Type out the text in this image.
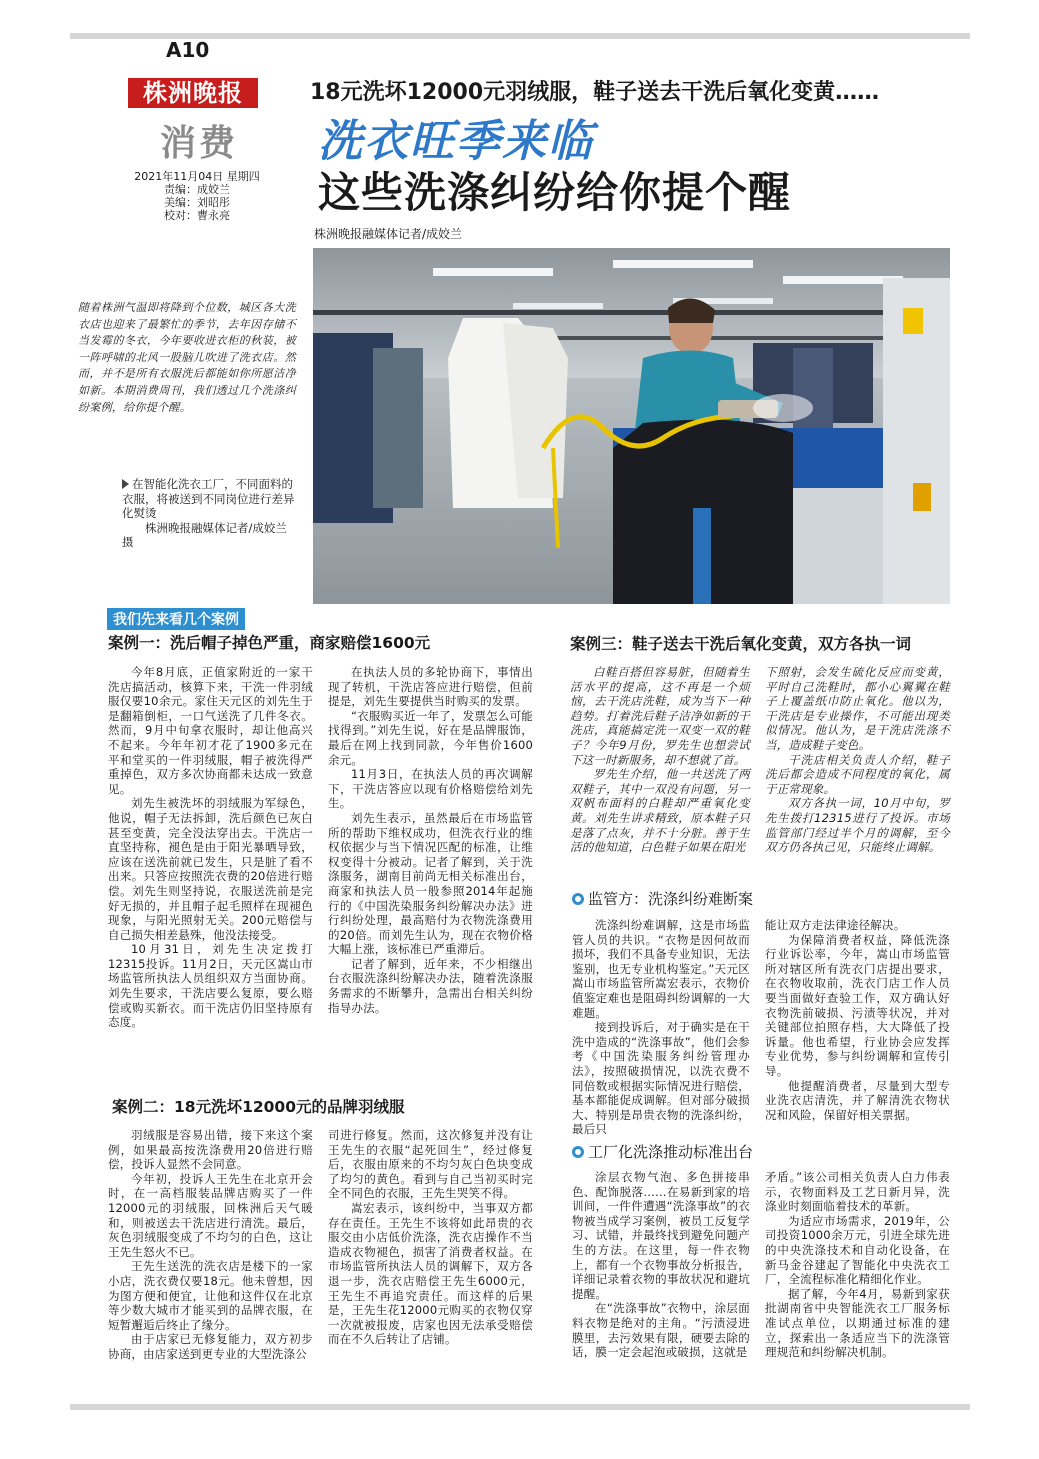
A10
株洲晚报
消费
2021年11月04日 星期四
责编：成姣兰
美编：刘昭彤
校对：曹永亮
18元洗坏12000元羽绒服，鞋子送去干洗后氧化变黄……
洗衣旺季来临
这些洗涤纠纷给你提个醒
株洲晚报融媒体记者/成姣兰
随着株洲气温即将降到个位数，城区各大洗衣店也迎来了最繁忙的季节，去年因存储不当发霉的冬衣，今年要收进衣柜的秋装，被一阵呼啸的北风一股脑儿吹进了洗衣店。然而，并不是所有衣服洗后都能如你所愿洁净如新。本期消费周刊，我们透过几个洗涤纠纷案例，给你提个醒。
在智能化洗衣工厂，不同面料的衣服，将被送到不同岗位进行差异化熨烫
株洲晚报融媒体记者/成姣兰 摄
我们先来看几个案例
案例一：洗后帽子掉色严重，商家赔偿1600元

今年8月底，正值家附近的一家干洗店搞活动，核算下来，干洗一件羽绒服仅要10余元。家住天元区的刘先生于是翻箱倒柜，一口气送洗了几件冬衣。然而，9月中旬拿衣服时，却让他高兴不起来。今年年初才花了1900多元在平和堂买的一件羽绒服，帽子被洗得严重掉色，双方多次协商都未达成一致意见。

刘先生被洗坏的羽绒服为军绿色，他说，帽子无法拆卸，洗后颜色已灰白甚至变黄，完全没法穿出去。干洗店一直坚持称，褪色是由于阳光暴晒导致，应该在送洗前就已发生，只是脏了看不出来。只答应按照洗衣费的20倍进行赔偿。刘先生则坚持说，衣服送洗前是完好无损的，并且帽子起毛照样在现褪色现象，与阳光照射无关。200元赔偿与自己损失相差悬殊，他没法接受。

10月31日，刘先生决定拨打12315投诉。11月2日，天元区嵩山市场监管所执法人员组织双方当面协商。刘先生要求，干洗店要么复原，要么赔偿或购买新衣。而干洗店仍旧坚持原有态度。

在执法人员的多轮协商下，事情出现了转机，干洗店答应进行赔偿，但前提是，刘先生要提供当时购买的发票。

“衣服购买近一年了，发票怎么可能找得到。”刘先生说，好在是品牌服饰，最后在网上找到同款，今年售价1600余元。

11月3日，在执法人员的再次调解下，干洗店答应以现有价格赔偿给刘先生。

刘先生表示，虽然最后在市场监管所的帮助下维权成功，但洗衣行业的维权依据少与当下情况匹配的标准，让维权变得十分被动。记者了解到，关于洗涤服务，湖南目前尚无相关标准出台，商家和执法人员一般参照2014年起施行的《中国洗染服务纠纷解决办法》进行纠纷处理，最高赔付为衣物洗涤费用的20倍。而刘先生认为，现在衣物价格大幅上涨，该标准已严重滞后。

记者了解到，近年来，不少相继出台衣服洗涤纠纷解决办法，随着洗涤服务需求的不断攀升，急需出台相关纠纷指导办法。

案例二：18元洗坏12000元的品牌羽绒服

羽绒服是容易出错，接下来这个案例，如果最高按洗涤费用20倍进行赔偿，投诉人显然不会同意。

今年初，投诉人王先生在北京开会时，在一高档服装品牌店购买了一件12000元的羽绒服，回株洲后天气暖和，则被送去干洗店进行清洗。最后，灰色羽绒服变成了不均匀的白色，这让王先生怒火不已。

王先生送洗的洗衣店是楼下的一家小店，洗衣费仅要18元。他未曾想，因为图方便和便宜，让他和这件仅在北京等少数大城市才能买到的品牌衣服，在短暂邂逅后终止了缘分。

由于店家已无修复能力，双方初步协商，由店家送到更专业的大型洗涤公

司进行修复。然而，这次修复并没有让王先生的衣服“起死回生”，经过修复后，衣服由原来的不均匀灰白色块变成了均匀的黄色。看到与自己当初买时完全不同色的衣服，王先生哭笑不得。

嵩宏表示，该纠纷中，当事双方都存在责任。王先生不该将如此昂贵的衣服交由小店低价洗涤，洗衣店操作不当造成衣物褪色，损害了消费者权益。在市场监管所执法人员的调解下，双方各退一步，洗衣店赔偿王先生6000元，王先生不再追究责任。而这样的后果是，王先生花12000元购买的衣物仅穿一次就被报废，店家也因无法承受赔偿而在不久后转让了店铺。

案例三：鞋子送去干洗后氧化变黄，双方各执一词

白鞋百搭但容易脏，但随着生活水平的提高，这不再是一个烦恼，去干洗店洗鞋，成为当下一种趋势。打着洗后鞋子洁净如新的干洗店，真能搞定洗一双变一双的鞋子？今年9月份，罗先生也想尝试下这一时新服务，却不想就了首。

罗先生介绍，他一共送洗了两双鞋子，其中一双没有问题，另一双帆布面料的白鞋却严重氧化变黄。刘先生讲求精致，原本鞋子只是落了点灰，并不十分脏。善于生活的他知道，白色鞋子如果在阳光

下照射，会发生硫化反应而变黄，平时自己洗鞋时，都小心翼翼在鞋子上覆盖纸巾防止氧化。他以为，干洗店是专业操作，不可能出现类似情况。他认为，是干洗店洗涤不当，造成鞋子变色。

干洗店相关负责人介绍，鞋子洗后都会造成不同程度的氧化，属于正常现象。

双方各执一词，10月中旬，罗先生拨打12315进行了投诉。市场监管部门经过半个月的调解，至今双方仍各执己见，只能终止调解。

监管方：洗涤纠纷难断案

洗涤纠纷难调解，这是市场监管人员的共识。“衣物是因何故而损坏，我们不具备专业知识，无法鉴别，也无专业机构鉴定。”天元区嵩山市场监管所嵩宏表示，衣物价值鉴定难也是阻碍纠纷调解的一大难题。

接到投诉后，对于确实是在干洗中造成的“洗涤事故”，他们会参考《中国洗染服务纠纷管理办法》，按照破损情况，以洗衣费不同倍数或根据实际情况进行赔偿，基本都能促成调解。但对部分破损大、特别是昂贵衣物的洗涤纠纷，最后只

能让双方走法律途径解决。

为保障消费者权益，降低洗涤行业诉讼率，今年，嵩山市场监管所对辖区所有洗衣门店提出要求，在衣物收取前，洗衣门店工作人员要当面做好查验工作，双方确认好衣物洗前破损、污渍等状况，并对关键部位拍照存档，大大降低了投诉量。他也希望，行业协会应发挥专业优势，参与纠纷调解和宣传引导。

他提醒消费者，尽量到大型专业洗衣店清洗，并了解清洗衣物状况和风险，保留好相关票据。

工厂化洗涤推动标准出台

涂层衣物气泡、多色拼接串色、配饰脱落……在易新到家的培训间，一件件遭遇“洗涤事故”的衣物被当成学习案例，被员工反复学习、试错，并最终找到避免问题产生的方法。在这里，每一件衣物上，都有一个衣物事故分析报告，详细记录着衣物的事故状况和避坑提醒。

在“洗涤事故”衣物中，涂层面料衣物是绝对的主角。“污渍浸进膜里，去污效果有限，硬要去除的话，膜一定会起泡或破损，这就是

矛盾。”该公司相关负责人白力伟表示，衣物面料及工艺日新月异，洗涤业时刻面临着技术的革新。

为适应市场需求，2019年，公司投资1000余万元，引进全球先进的中央洗涤技术和自动化设备，在新马金谷建起了智能化中央洗衣工厂，全流程标准化精细化作业。

据了解，今年4月，易新到家获批湖南省中央智能洗衣工厂服务标准试点单位，以期通过标准的建立，探索出一条适应当下的洗涤管理规范和纠纷解决机制。
